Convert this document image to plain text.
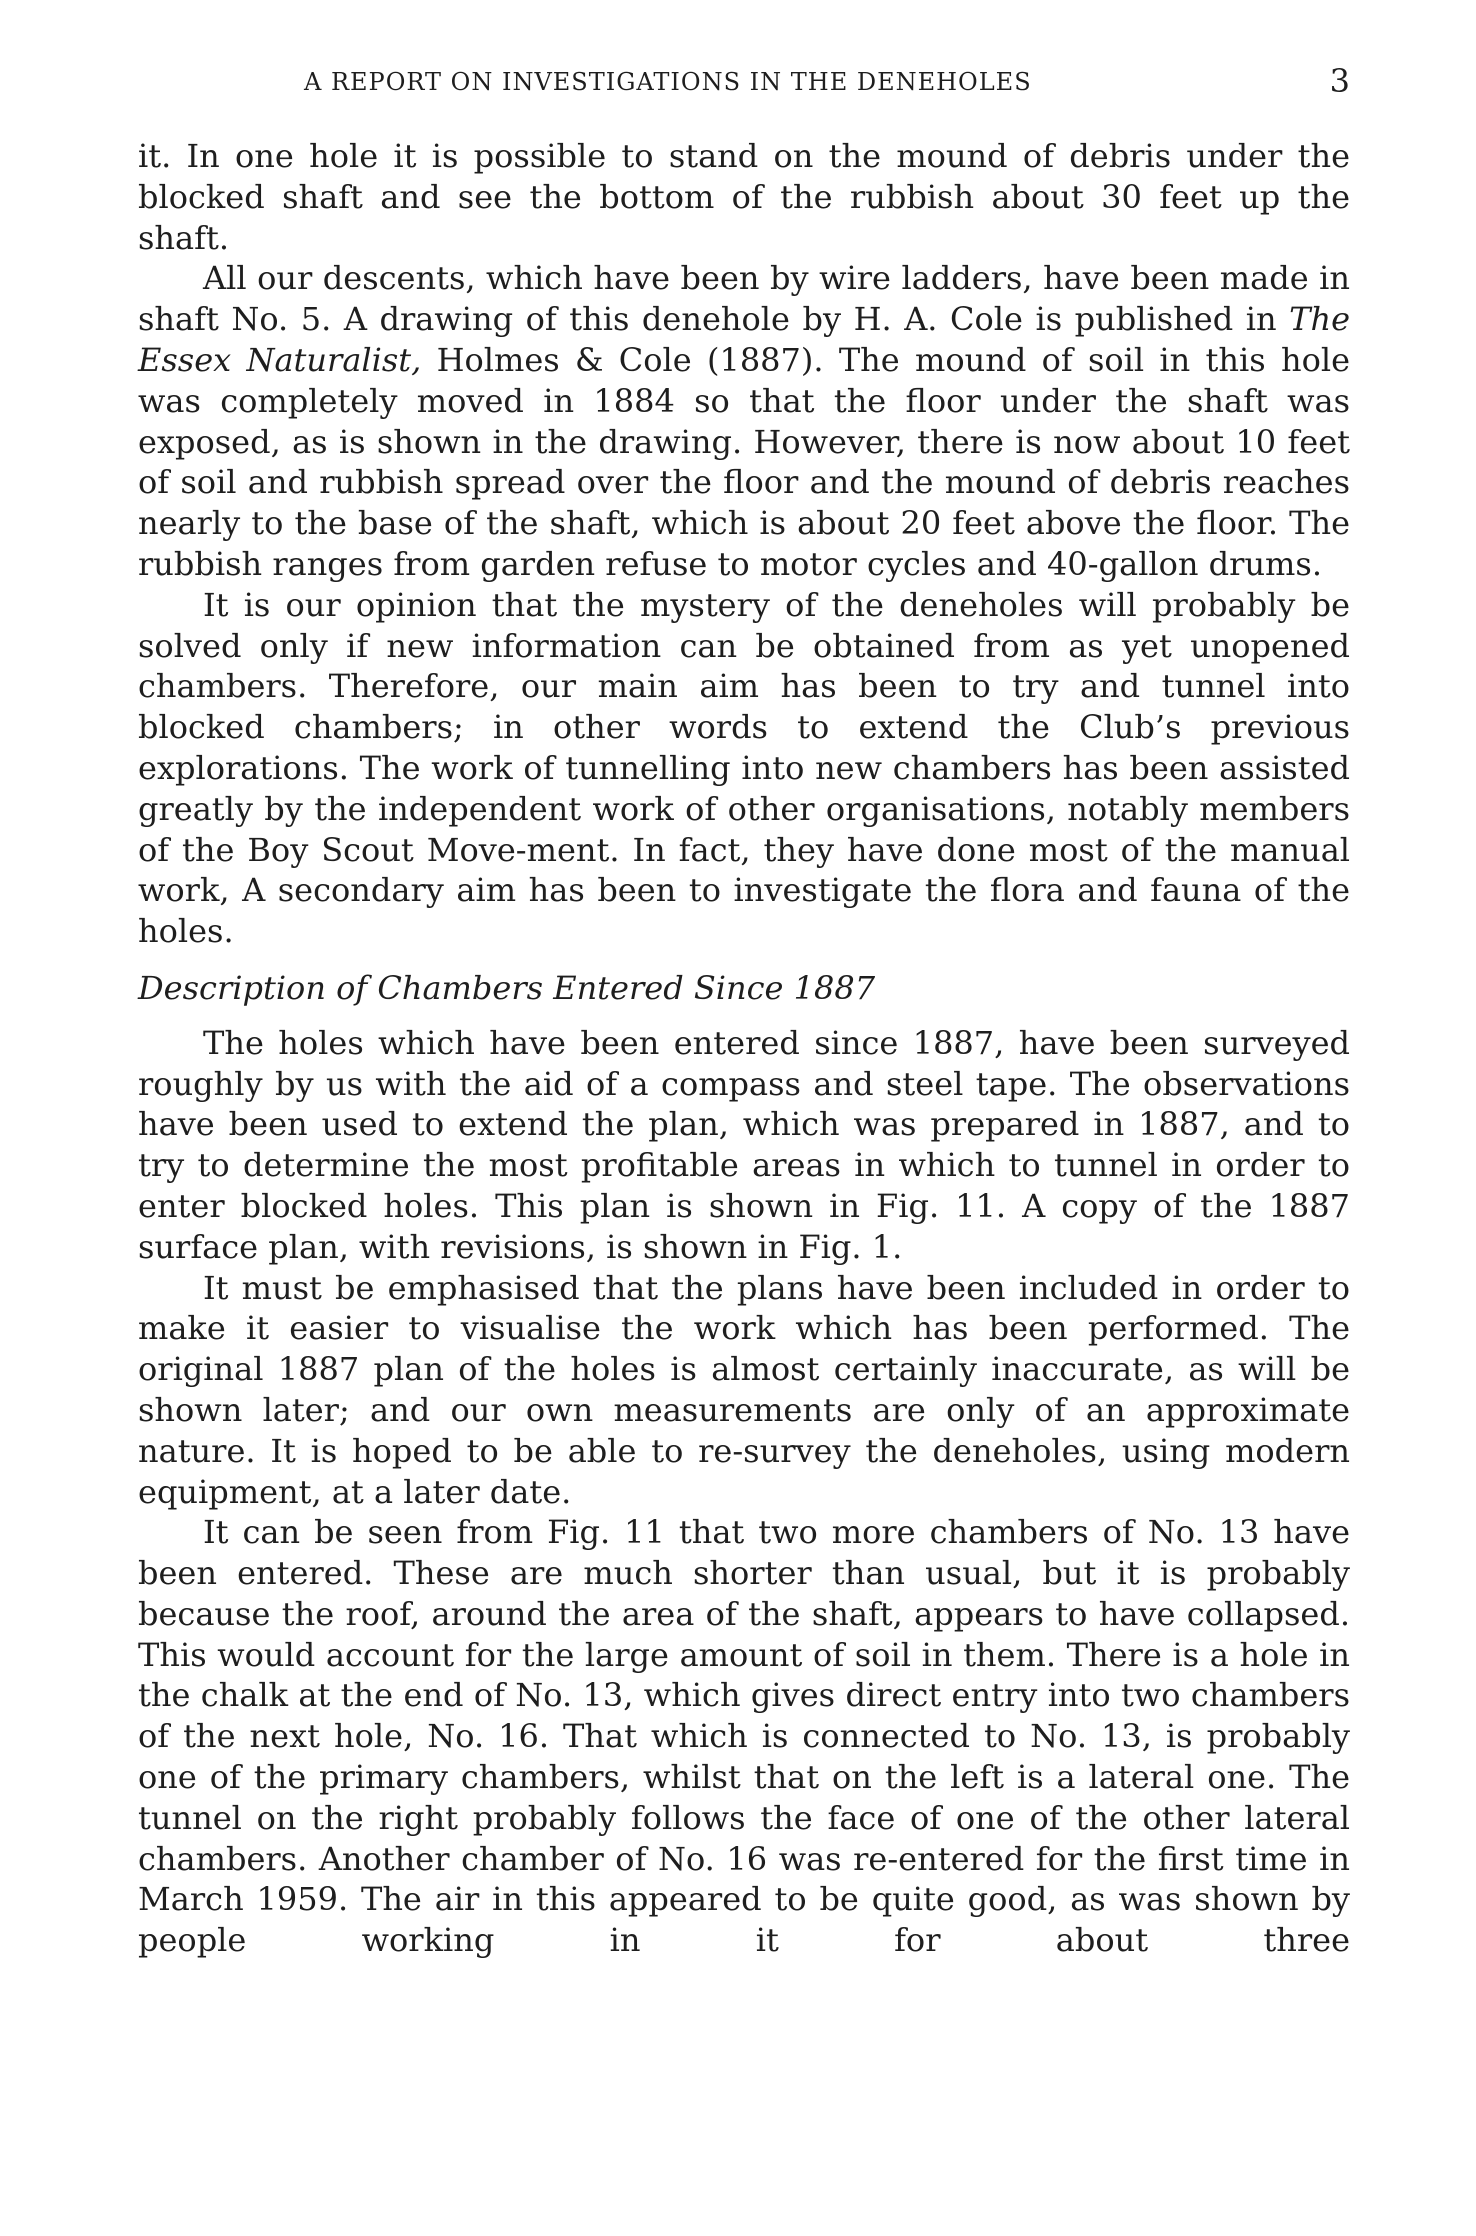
A REPORT ON INVESTIGATIONS IN THE DENEHOLES	3

it. In one hole it is possible to stand on the mound of debris under the blocked shaft and see the bottom of the rubbish about 30 feet up the shaft.

All our descents, which have been by wire ladders, have been made in shaft No. 5. A drawing of this denehole by H. A. Cole is published in The Essex Naturalist, Holmes & Cole (1887). The mound of soil in this hole was completely moved in 1884 so that the floor under the shaft was exposed, as is shown in the drawing. However, there is now about 10 feet of soil and rubbish spread over the floor and the mound of debris reaches nearly to the base of the shaft, which is about 20 feet above the floor. The rubbish ranges from garden refuse to motor cycles and 40-gallon drums.

It is our opinion that the mystery of the deneholes will probably be solved only if new information can be obtained from as yet unopened chambers. Therefore, our main aim has been to try and tunnel into blocked chambers; in other words to extend the Club’s previous explorations. The work of tunnelling into new chambers has been assisted greatly by the independent work of other organisations, notably members of the Boy Scout Move-ment. In fact, they have done most of the manual work, A secondary aim has been to investigate the flora and fauna of the holes.

Description of Chambers Entered Since 1887

The holes which have been entered since 1887, have been surveyed roughly by us with the aid of a compass and steel tape. The observations have been used to extend the plan, which was prepared in 1887, and to try to determine the most profitable areas in which to tunnel in order to enter blocked holes. This plan is shown in Fig. 11. A copy of the 1887 surface plan, with revisions, is shown in Fig. 1.

It must be emphasised that the plans have been included in order to make it easier to visualise the work which has been performed. The original 1887 plan of the holes is almost certainly inaccurate, as will be shown later; and our own measurements are only of an approximate nature. It is hoped to be able to re-survey the deneholes, using modern equipment, at a later date.

It can be seen from Fig. 11 that two more chambers of No. 13 have been entered. These are much shorter than usual, but it is probably because the roof, around the area of the shaft, appears to have collapsed. This would account for the large amount of soil in them. There is a hole in the chalk at the end of No. 13, which gives direct entry into two chambers of the next hole, No. 16. That which is connected to No. 13, is probably one of the primary chambers, whilst that on the left is a lateral one. The tunnel on the right probably follows the face of one of the other lateral chambers. Another chamber of No. 16 was re-entered for the first time in March 1959. The air in this appeared to be quite good, as was shown by people working in it for about three
